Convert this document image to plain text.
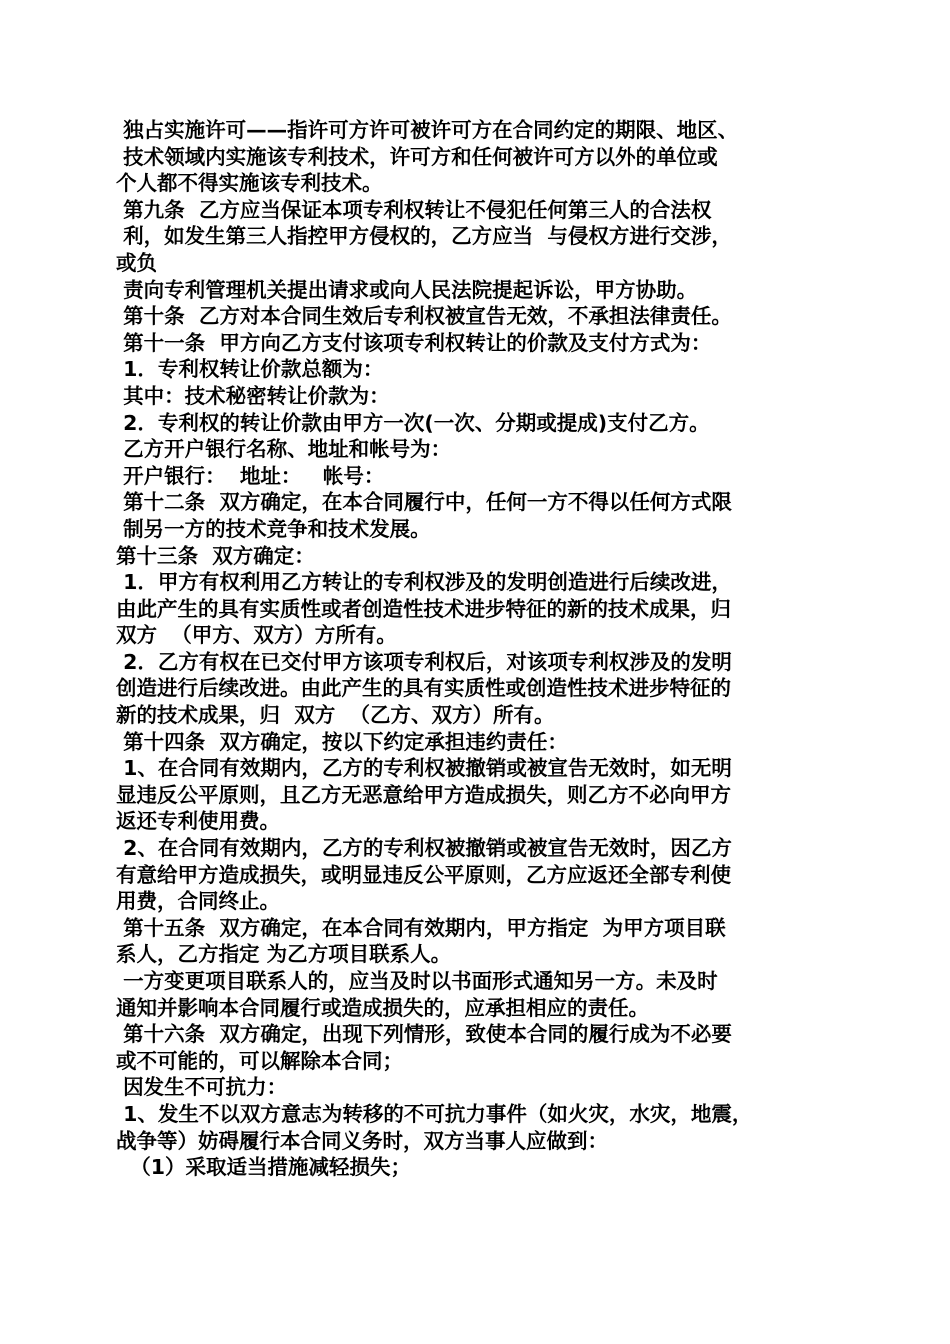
独占实施许可——指许可方许可被许可方在合同约定的期限、地区、
技术领域内实施该专利技术，许可方和任何被许可方以外的单位或
个人都不得实施该专利技术。
第九条  乙方应当保证本项专利权转让不侵犯任何第三人的合法权
利，如发生第三人指控甲方侵权的，乙方应当  与侵权方进行交涉，
或负
责向专利管理机关提出请求或向人民法院提起诉讼，甲方协助。
第十条  乙方对本合同生效后专利权被宣告无效，不承担法律责任。
第十一条  甲方向乙方支付该项专利权转让的价款及支付方式为：
1．专利权转让价款总额为：
其中：技术秘密转让价款为：
2．专利权的转让价款由甲方一次(一次、分期或提成)支付乙方。
乙方开户银行名称、地址和帐号为：
开户银行：  地址：   帐号：
第十二条  双方确定，在本合同履行中，任何一方不得以任何方式限
制另一方的技术竞争和技术发展。
第十三条  双方确定：
1．甲方有权利用乙方转让的专利权涉及的发明创造进行后续改进，
由此产生的具有实质性或者创造性技术进步特征的新的技术成果，归
双方  （甲方、双方）方所有。
2．乙方有权在已交付甲方该项专利权后，对该项专利权涉及的发明
创造进行后续改进。由此产生的具有实质性或创造性技术进步特征的
新的技术成果，归  双方  （乙方、双方）所有。
第十四条  双方确定，按以下约定承担违约责任：
1、在合同有效期内，乙方的专利权被撤销或被宣告无效时，如无明
显违反公平原则，且乙方无恶意给甲方造成损失，则乙方不必向甲方
返还专利使用费。
2、在合同有效期内，乙方的专利权被撤销或被宣告无效时，因乙方
有意给甲方造成损失，或明显违反公平原则，乙方应返还全部专利使
用费，合同终止。
第十五条  双方确定，在本合同有效期内，甲方指定  为甲方项目联
系人，乙方指定 为乙方项目联系人。
一方变更项目联系人的，应当及时以书面形式通知另一方。未及时
通知并影响本合同履行或造成损失的，应承担相应的责任。
第十六条  双方确定，出现下列情形，致使本合同的履行成为不必要
或不可能的，可以解除本合同；
因发生不可抗力：
1、发生不以双方意志为转移的不可抗力事件（如火灾，水灾，地震，
战争等）妨碍履行本合同义务时，双方当事人应做到：
（1）采取适当措施减轻损失；
